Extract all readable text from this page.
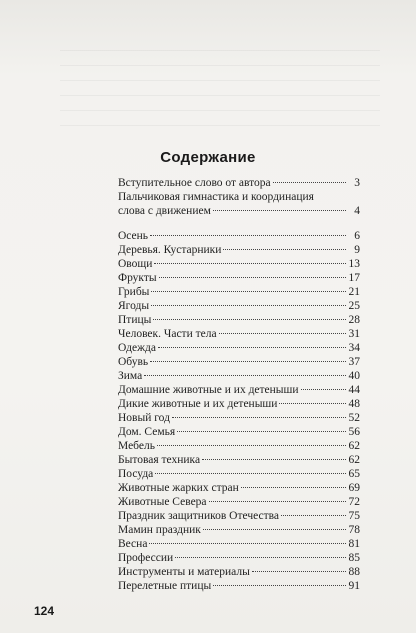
Содержание
Вступительное слово от автора	3
Пальчиковая гимнастика и координация
слова с движением	4
Осень	6
Деревья. Кустарники	9
Овощи	13
Фрукты	17
Грибы	21
Ягоды	25
Птицы	28
Человек. Части тела	31
Одежда	34
Обувь	37
Зима	40
Домашние животные и их детеныши	44
Дикие животные и их детеныши	48
Новый год	52
Дом. Семья	56
Мебель	62
Бытовая техника	62
Посуда	65
Животные жарких стран	69
Животные Севера	72
Праздник защитников Отечества	75
Мамин праздник	78
Весна	81
Профессии	85
Инструменты и материалы	88
Перелетные птицы	91
124
